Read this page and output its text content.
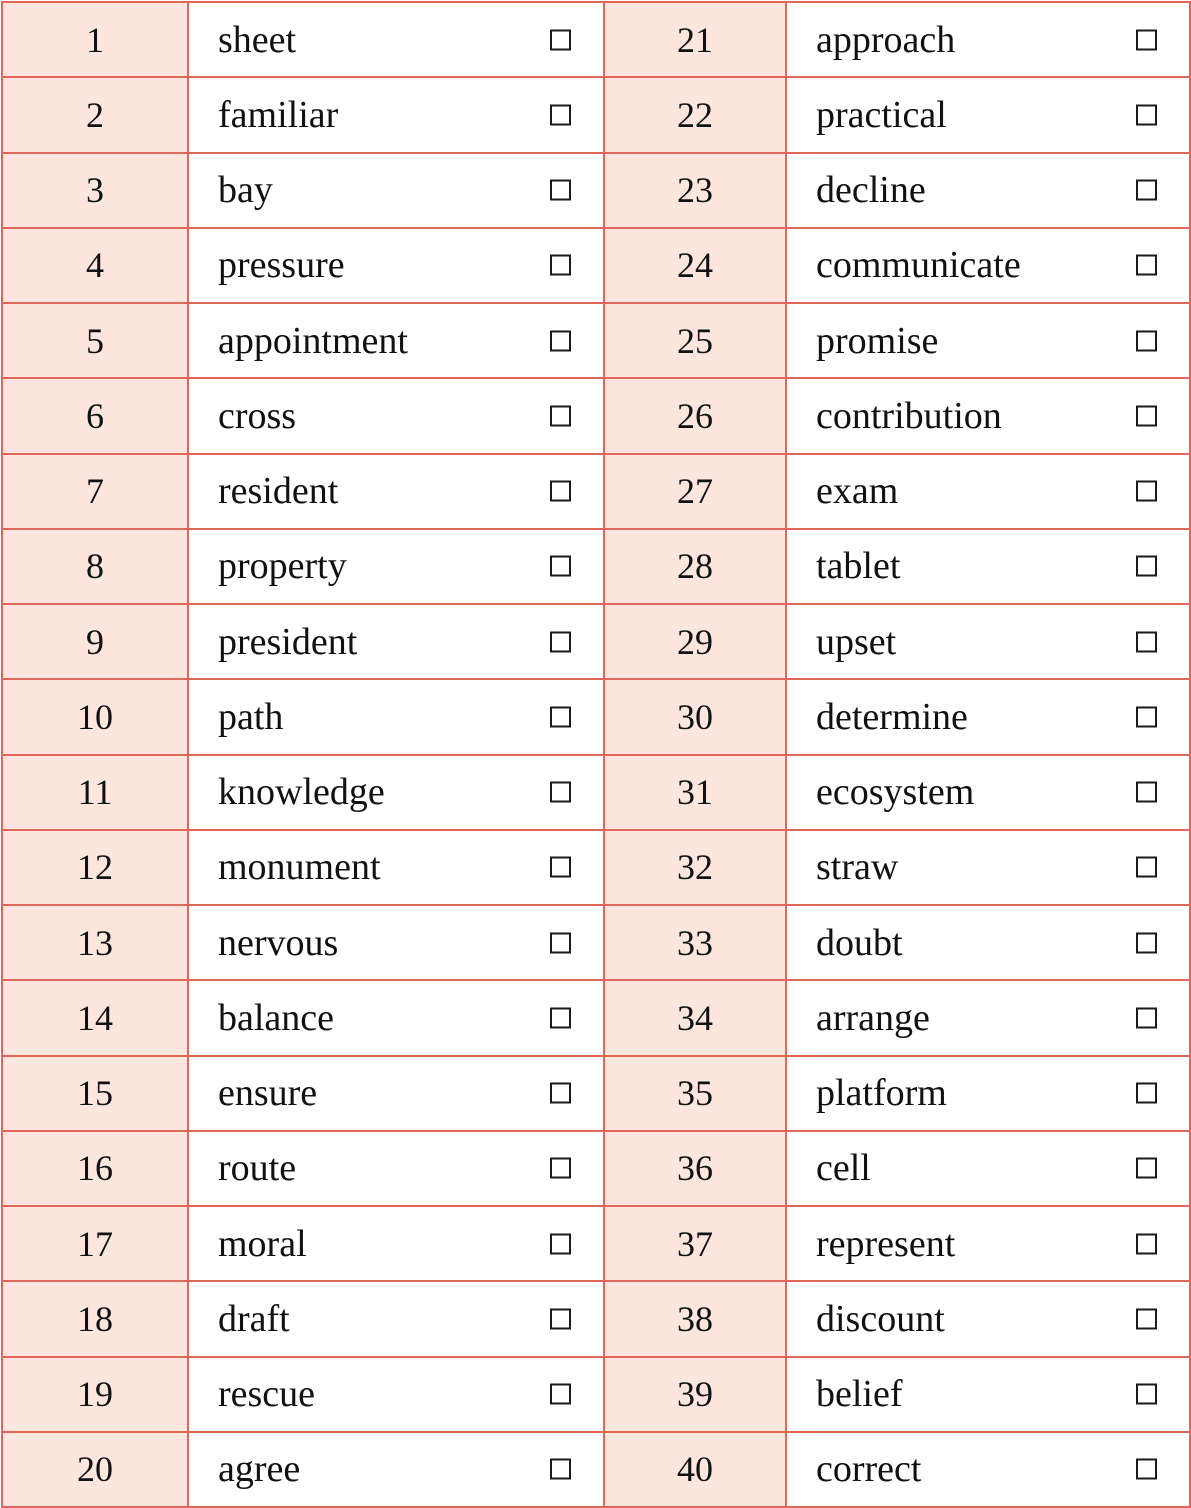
1	sheet	21	approach

2	familiar	22	practical

3	bay	23	decline

4	pressure	24	communicate

5	appointment	25	promise

6	cross	26	contribution

7	resident	27	exam

8	property	28	tablet

9	president	29	upset

10	path	30	determine

11	knowledge	31	ecosystem

12	monument	32	straw

13	nervous	33	doubt

14	balance	34	arrange

15	ensure	35	platform

16	route	36	cell

17	moral	37	represent

18	draft	38	discount

19	rescue	39	belief

20	agree	40	correct
